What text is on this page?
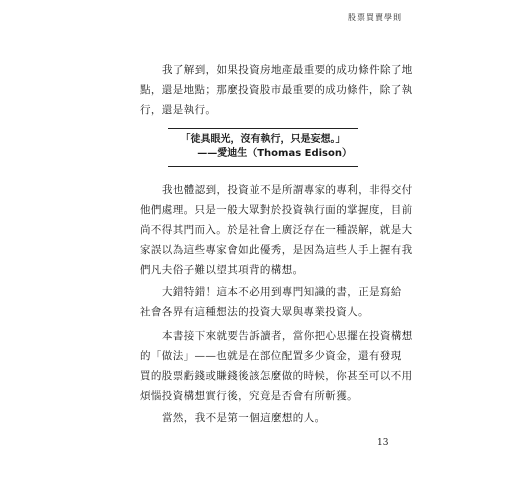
股票買賣學則
我了解到，如果投資房地產最重要的成功條件除了地
點，還是地點；那麼投資股市最重要的成功條件，除了執
行，還是執行。
「徒具眼光，沒有執行，只是妄想。」
——愛迪生（Thomas Edison）
我也體認到，投資並不是所謂專家的專利，非得交付
他們處理。只是一般大眾對於投資執行面的掌握度，目前
尚不得其門而入。於是社會上廣泛存在一種誤解，就是大
家誤以為這些專家會如此優秀，是因為這些人手上握有我
們凡夫俗子難以望其項背的構想。
大錯特錯！這本不必用到專門知識的書，正是寫給
社會各界有這種想法的投資大眾與專業投資人。
本書接下來就要告訴讀者，當你把心思擺在投資構想
的「做法」——也就是在部位配置多少資金，還有發現
買的股票虧錢或賺錢後該怎麼做的時候，你甚至可以不用
煩惱投資構想實行後，究竟是否會有所斬獲。
當然，我不是第一個這麼想的人。
13
